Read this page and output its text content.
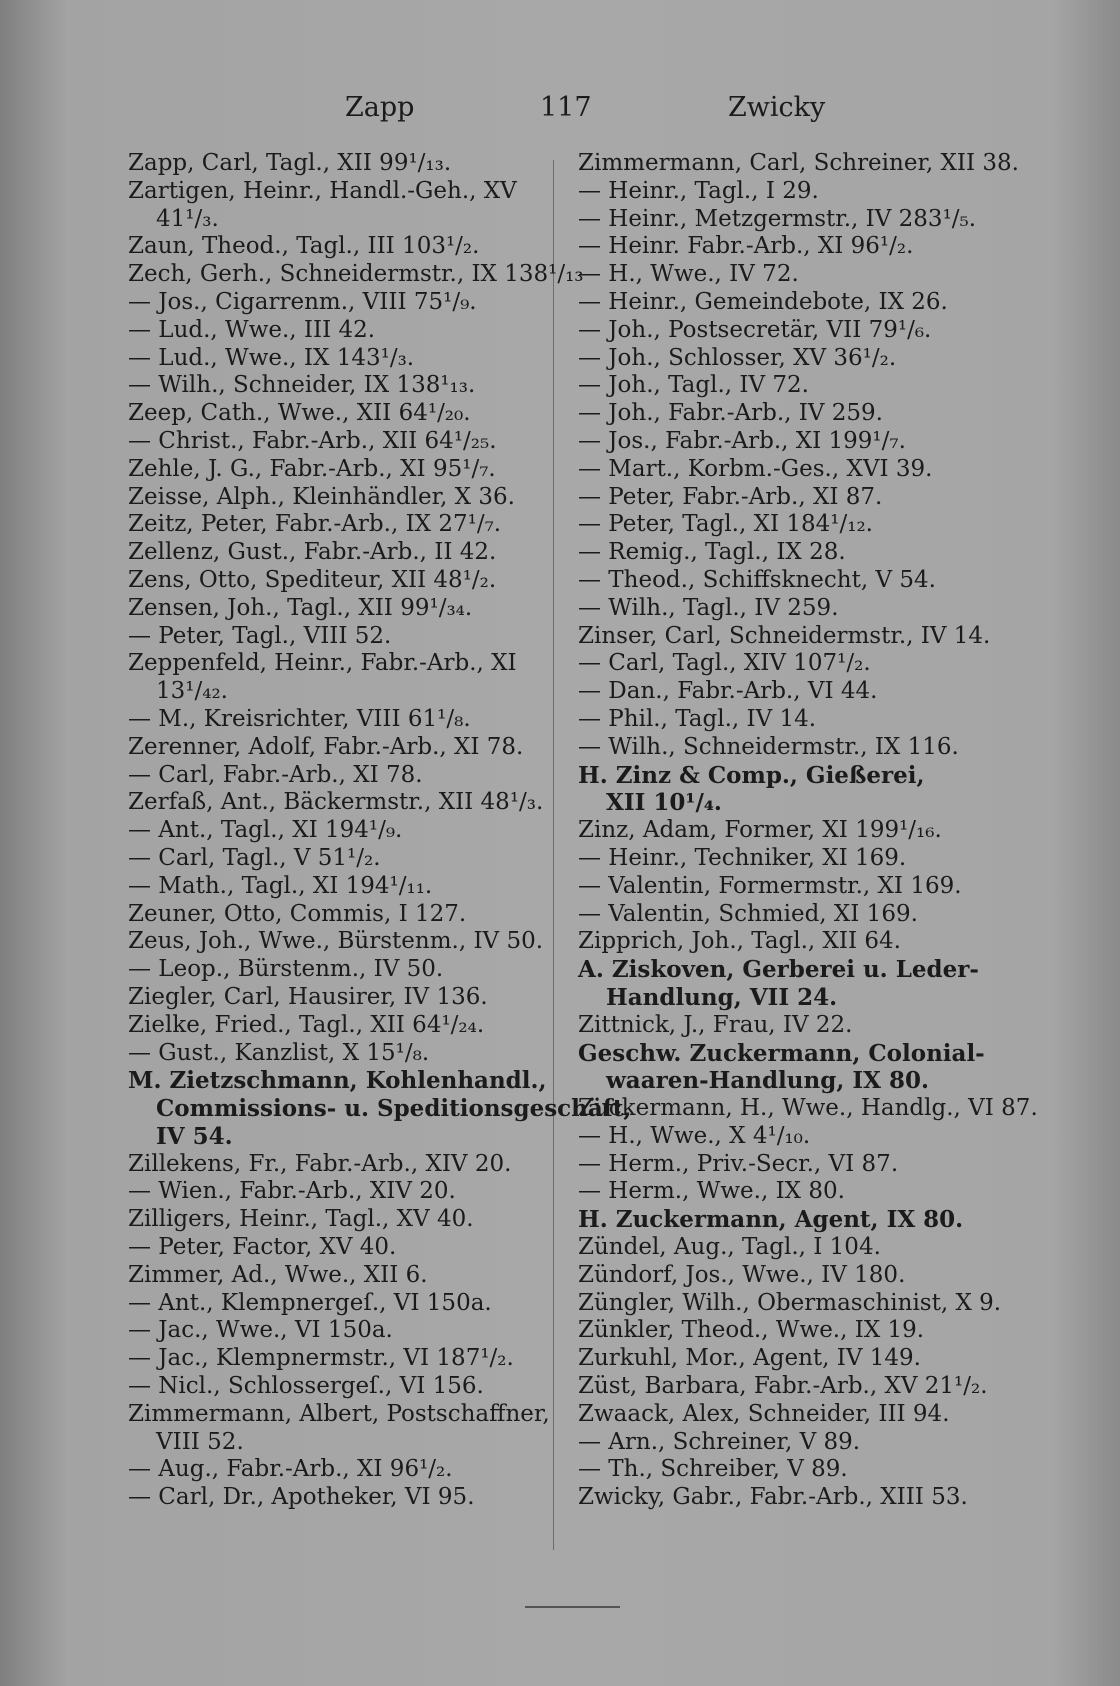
Zapp	117	Zwicky
Zapp, Carl, Tagl., XII 99¹/₁₃.
Zartigen, Heinr., Handl.-Geh., XV
41¹/₃.
Zaun, Theod., Tagl., III 103¹/₂.
Zech, Gerh., Schneidermstr., IX 138¹/₁₃
— Jos., Cigarrenm., VIII 75¹/₉.
— Lud., Wwe., III 42.
— Lud., Wwe., IX 143¹/₃.
— Wilh., Schneider, IX 138¹₁₃.
Zeep, Cath., Wwe., XII 64¹/₂₀.
— Christ., Fabr.-Arb., XII 64¹/₂₅.
Zehle, J. G., Fabr.-Arb., XI 95¹/₇.
Zeisse, Alph., Kleinhändler, X 36.
Zeitz, Peter, Fabr.-Arb., IX 27¹/₇.
Zellenz, Gust., Fabr.-Arb., II 42.
Zens, Otto, Spediteur, XII 48¹/₂.
Zensen, Joh., Tagl., XII 99¹/₃₄.
— Peter, Tagl., VIII 52.
Zeppenfeld, Heinr., Fabr.-Arb., XI
13¹/₄₂.
— M., Kreisrichter, VIII 61¹/₈.
Zerenner, Adolf, Fabr.-Arb., XI 78.
— Carl, Fabr.-Arb., XI 78.
Zerfaß, Ant., Bäckermstr., XII 48¹/₃.
— Ant., Tagl., XI 194¹/₉.
— Carl, Tagl., V 51¹/₂.
— Math., Tagl., XI 194¹/₁₁.
Zeuner, Otto, Commis, I 127.
Zeus, Joh., Wwe., Bürstenm., IV 50.
— Leop., Bürstenm., IV 50.
Ziegler, Carl, Hausirer, IV 136.
Zielke, Fried., Tagl., XII 64¹/₂₄.
— Gust., Kanzlist, X 15¹/₈.
M. Zietzschmann, Kohlenhandl.,
Commissions- u. Speditionsgeschäft,
IV 54.
Zillekens, Fr., Fabr.-Arb., XIV 20.
— Wien., Fabr.-Arb., XIV 20.
Zilligers, Heinr., Tagl., XV 40.
— Peter, Factor, XV 40.
Zimmer, Ad., Wwe., XII 6.
— Ant., Klempnergeſ., VI 150a.
— Jac., Wwe., VI 150a.
— Jac., Klempnermstr., VI 187¹/₂.
— Nicl., Schlossergeſ., VI 156.
Zimmermann, Albert, Postschaffner,
VIII 52.
— Aug., Fabr.-Arb., XI 96¹/₂.
— Carl, Dr., Apotheker, VI 95.
Zimmermann, Carl, Schreiner, XII 38.
— Heinr., Tagl., I 29.
— Heinr., Metzgermstr., IV 283¹/₅.
— Heinr. Fabr.-Arb., XI 96¹/₂.
— H., Wwe., IV 72.
— Heinr., Gemeindebote, IX 26.
— Joh., Postsecretär, VII 79¹/₆.
— Joh., Schlosser, XV 36¹/₂.
— Joh., Tagl., IV 72.
— Joh., Fabr.-Arb., IV 259.
— Jos., Fabr.-Arb., XI 199¹/₇.
— Mart., Korbm.-Ges., XVI 39.
— Peter, Fabr.-Arb., XI 87.
— Peter, Tagl., XI 184¹/₁₂.
— Remig., Tagl., IX 28.
— Theod., Schiffsknecht, V 54.
— Wilh., Tagl., IV 259.
Zinser, Carl, Schneidermstr., IV 14.
— Carl, Tagl., XIV 107¹/₂.
— Dan., Fabr.-Arb., VI 44.
— Phil., Tagl., IV 14.
— Wilh., Schneidermstr., IX 116.
H. Zinz & Comp., Gießerei,
XII 10¹/₄.
Zinz, Adam, Former, XI 199¹/₁₆.
— Heinr., Techniker, XI 169.
— Valentin, Formermstr., XI 169.
— Valentin, Schmied, XI 169.
Zipprich, Joh., Tagl., XII 64.
A. Ziskoven, Gerberei u. Leder-
Handlung, VII 24.
Zittnick, J., Frau, IV 22.
Geschw. Zuckermann, Colonial-
waaren-Handlung, IX 80.
Zuckermann, H., Wwe., Handlg., VI 87.
— H., Wwe., X 4¹/₁₀.
— Herm., Priv.-Secr., VI 87.
— Herm., Wwe., IX 80.
H. Zuckermann, Agent, IX 80.
Zündel, Aug., Tagl., I 104.
Zündorf, Jos., Wwe., IV 180.
Züngler, Wilh., Obermaschinist, X 9.
Zünkler, Theod., Wwe., IX 19.
Zurkuhl, Mor., Agent, IV 149.
Züst, Barbara, Fabr.-Arb., XV 21¹/₂.
Zwaack, Alex, Schneider, III 94.
— Arn., Schreiner, V 89.
— Th., Schreiber, V 89.
Zwicky, Gabr., Fabr.-Arb., XIII 53.
